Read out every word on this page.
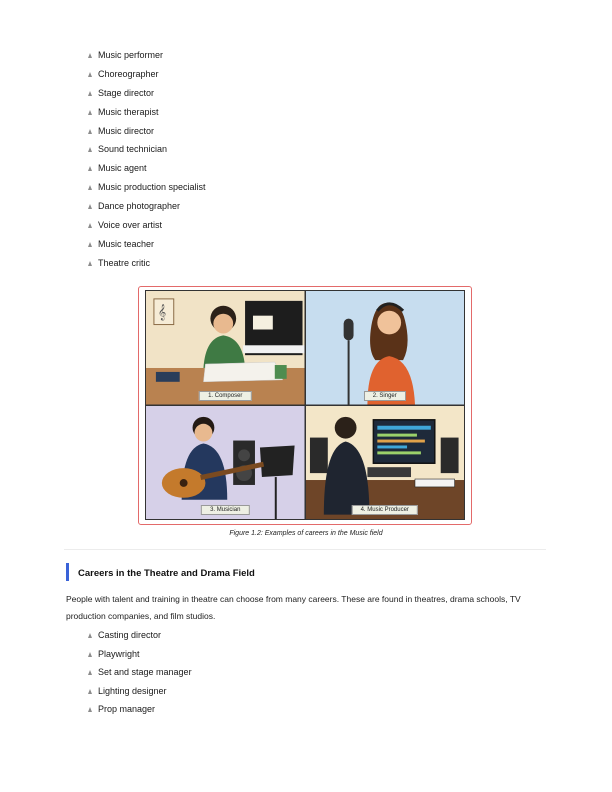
Music performer
Choreographer
Stage director
Music therapist
Music director
Sound technician
Music agent
Music production specialist
Dance photographer
Voice over artist
Music teacher
Theatre critic
𝄞
1. Composer	2. Singer
3. Musician	4. Music Producer
Figure 1.2: Examples of careers in the Music field
Careers in the Theatre and Drama Field
People with talent and training in theatre can choose from many careers. These are found in theatres, drama schools, TV production companies, and film studios.
Casting director
Playwright
Set and stage manager
Lighting designer
Prop manager
